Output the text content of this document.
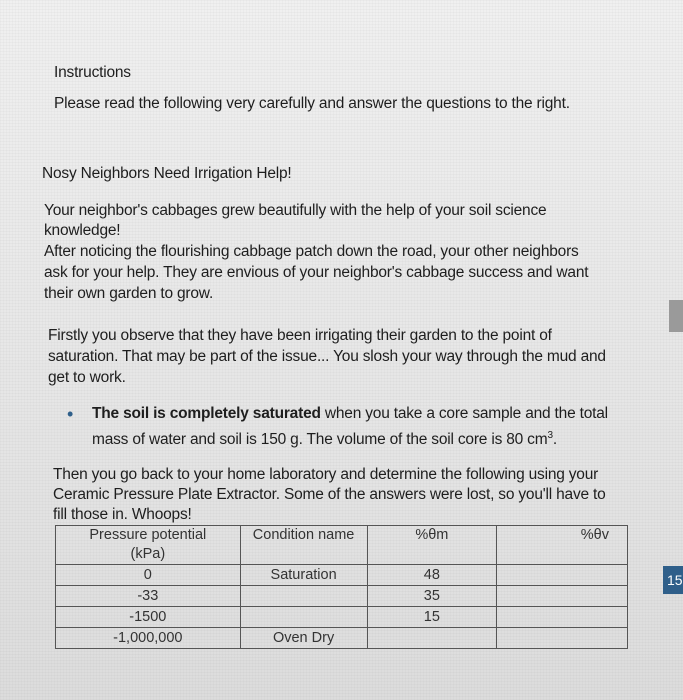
Instructions
Please read the following very carefully and answer the questions to the right.
Nosy Neighbors Need Irrigation Help!
Your neighbor's cabbages grew beautifully with the help of your soil science
knowledge!
After noticing the flourishing cabbage patch down the road, your other neighbors
ask for your help. They are envious of your neighbor's cabbage success and want
their own garden to grow.
Firstly you observe that they have been irrigating their garden to the point of
saturation. That may be part of the issue... You slosh your way through the mud and
get to work.
• The soil is completely saturated when you take a core sample and the total
mass of water and soil is 150 g. The volume of the soil core is 80 $cm^3$.
Then you go back to your home laboratory and determine the following using your
Ceramic Pressure Plate Extractor. Some of the answers were lost, so you'll have to
fill those in. Whoops!
Pressure potential
(kPa)	Condition name	%θm	%θv
0	Saturation	48	
-33		35	
-1500		15	
-1,000,000	Oven Dry		
15
